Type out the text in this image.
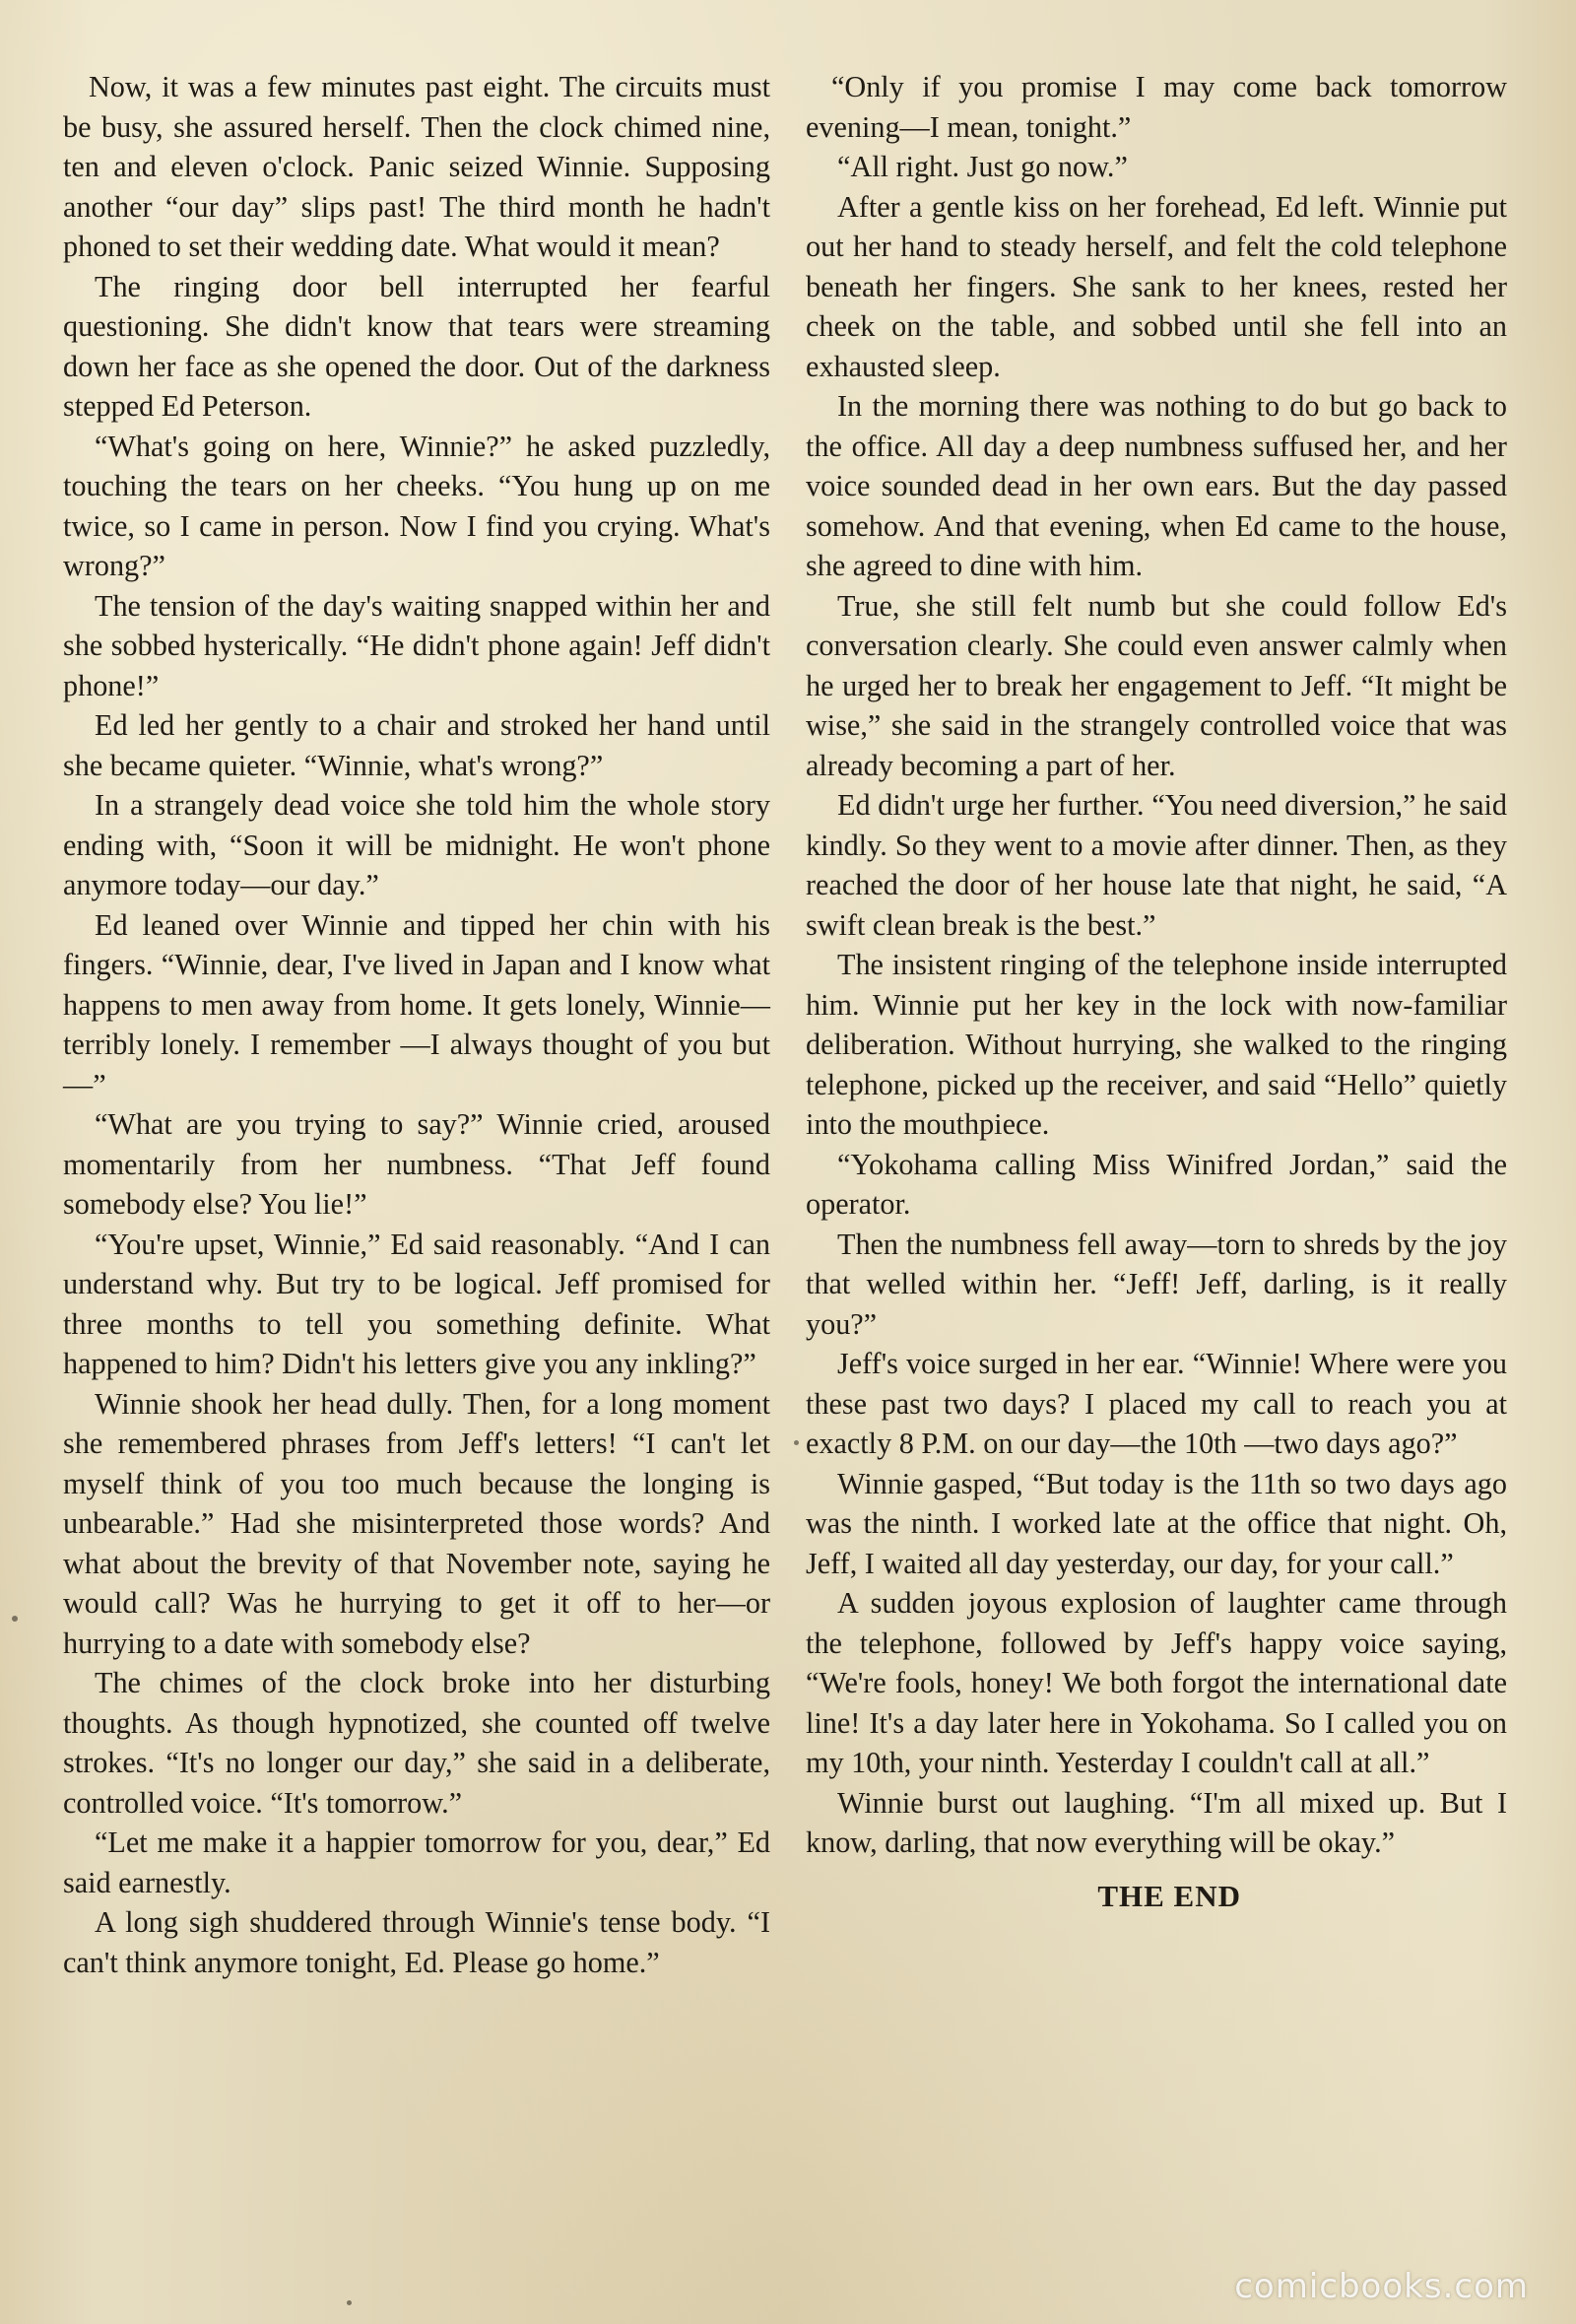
Now, it was a few minutes past eight. The circuits must be busy, she assured herself. Then the clock chimed nine, ten and eleven o'clock. Panic seized Winnie. Supposing another “our day” slips past! The third month he hadn't phoned to set their wedding date. What would it mean?

The ringing door bell interrupted her fearful questioning. She didn't know that tears were streaming down her face as she opened the door. Out of the darkness stepped Ed Peterson.

“What's going on here, Winnie?” he asked puzzledly, touching the tears on her cheeks. “You hung up on me twice, so I came in person. Now I find you crying. What's wrong?”

The tension of the day's waiting snapped within her and she sobbed hysterically. “He didn't phone again! Jeff didn't phone!”

Ed led her gently to a chair and stroked her hand until she became quieter. “Winnie, what's wrong?”

In a strangely dead voice she told him the whole story ending with, “Soon it will be midnight. He won't phone anymore today—our day.”

Ed leaned over Winnie and tipped her chin with his fingers. “Winnie, dear, I've lived in Japan and I know what happens to men away from home. It gets lonely, Winnie—terribly lonely. I remember —I always thought of you but—”

“What are you trying to say?” Winnie cried, aroused momentarily from her numbness. “That Jeff found somebody else? You lie!”

“You're upset, Winnie,” Ed said reasonably. “And I can understand why. But try to be logical. Jeff promised for three months to tell you something definite. What happened to him? Didn't his letters give you any inkling?”

Winnie shook her head dully. Then, for a long moment she remembered phrases from Jeff's letters! “I can't let myself think of you too much because the longing is unbearable.” Had she misinterpreted those words? And what about the brevity of that November note, saying he would call? Was he hurrying to get it off to her—or hurrying to a date with somebody else?

The chimes of the clock broke into her disturbing thoughts. As though hypnotized, she counted off twelve strokes. “It's no longer our day,” she said in a deliberate, controlled voice. “It's tomorrow.”

“Let me make it a happier tomorrow for you, dear,” Ed said earnestly.

A long sigh shuddered through Winnie's tense body. “I can't think anymore tonight, Ed. Please go home.”

“Only if you promise I may come back tomorrow evening—I mean, tonight.”

“All right. Just go now.”

After a gentle kiss on her forehead, Ed left. Winnie put out her hand to steady herself, and felt the cold telephone beneath her fingers. She sank to her knees, rested her cheek on the table, and sobbed until she fell into an exhausted sleep.

In the morning there was nothing to do but go back to the office. All day a deep numbness suffused her, and her voice sounded dead in her own ears. But the day passed somehow. And that evening, when Ed came to the house, she agreed to dine with him.

True, she still felt numb but she could follow Ed's conversation clearly. She could even answer calmly when he urged her to break her engagement to Jeff. “It might be wise,” she said in the strangely controlled voice that was already becoming a part of her.

Ed didn't urge her further. “You need diversion,” he said kindly. So they went to a movie after dinner. Then, as they reached the door of her house late that night, he said, “A swift clean break is the best.”

The insistent ringing of the telephone inside interrupted him. Winnie put her key in the lock with now-familiar deliberation. Without hurrying, she walked to the ringing telephone, picked up the receiver, and said “Hello” quietly into the mouthpiece.

“Yokohama calling Miss Winifred Jordan,” said the operator.

Then the numbness fell away—torn to shreds by the joy that welled within her. “Jeff! Jeff, darling, is it really you?”

Jeff's voice surged in her ear. “Winnie! Where were you these past two days? I placed my call to reach you at exactly 8 P.M. on our day—the 10th —two days ago?”

Winnie gasped, “But today is the 11th so two days ago was the ninth. I worked late at the office that night. Oh, Jeff, I waited all day yesterday, our day, for your call.”

A sudden joyous explosion of laughter came through the telephone, followed by Jeff's happy voice saying, “We're fools, honey! We both forgot the international date line! It's a day later here in Yokohama. So I called you on my 10th, your ninth. Yesterday I couldn't call at all.”

Winnie burst out laughing. “I'm all mixed up. But I know, darling, that now everything will be okay.”

THE END

comicbooks.com
